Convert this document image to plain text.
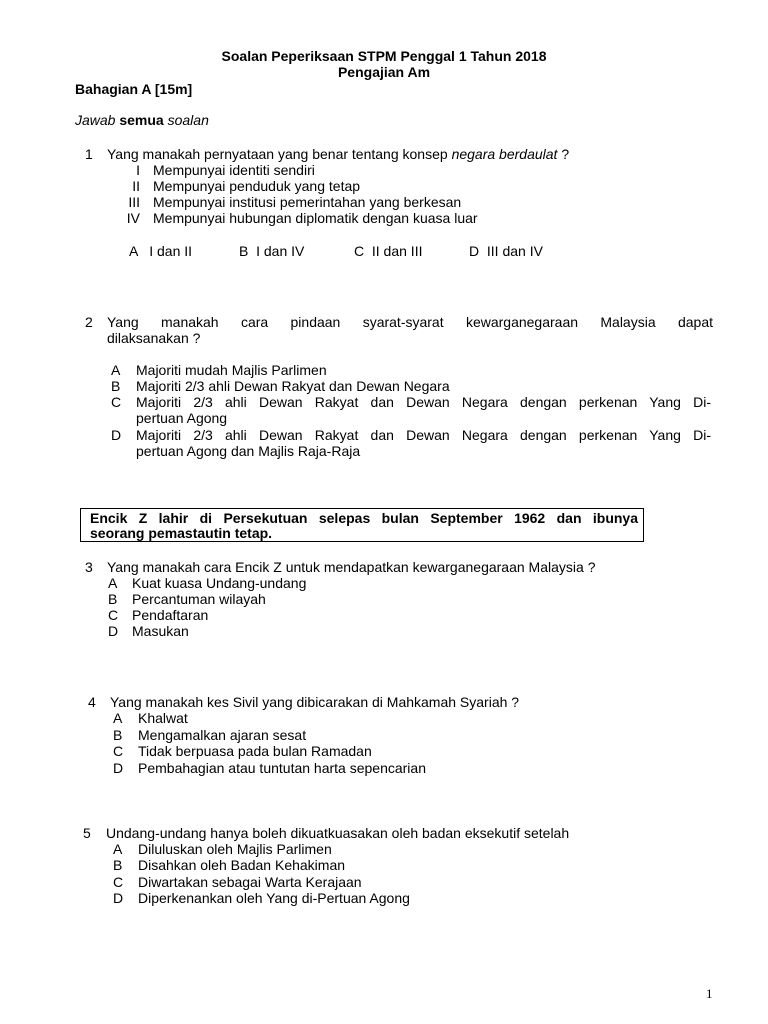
Soalan Peperiksaan STPM Penggal 1 Tahun 2018
Pengajian Am
Bahagian A [15m]
Jawab semua soalan
1 Yang manakah pernyataan yang benar tentang konsep negara berdaulat ?
I Mempunyai identiti sendiri
II Mempunyai penduduk yang tetap
III Mempunyai institusi pemerintahan yang berkesan
IV Mempunyai hubungan diplomatik dengan kuasa luar
A   I dan II	B  I dan IV	C  II dan III	D  III dan IV
2 Yang manakah cara pindaan syarat-syarat kewarganegaraan Malaysia dapat
dilaksanakan ?
A Majoriti mudah Majlis Parlimen
B Majoriti 2/3 ahli Dewan Rakyat dan Dewan Negara
C Majoriti 2/3 ahli Dewan Rakyat dan Dewan Negara dengan perkenan Yang Di-
pertuan Agong
D Majoriti 2/3 ahli Dewan Rakyat dan Dewan Negara dengan perkenan Yang Di-
pertuan Agong dan Majlis Raja-Raja
Encik Z lahir di Persekutuan selepas bulan September 1962 dan ibunya
seorang pemastautin tetap.
3 Yang manakah cara Encik Z untuk mendapatkan kewarganegaraan Malaysia ?
A Kuat kuasa Undang-undang
B Percantuman wilayah
C Pendaftaran
D Masukan
4 Yang manakah kes Sivil yang dibicarakan di Mahkamah Syariah ?
A Khalwat
B Mengamalkan ajaran sesat
C Tidak berpuasa pada bulan Ramadan
D Pembahagian atau tuntutan harta sepencarian
5 Undang-undang hanya boleh dikuatkuasakan oleh badan eksekutif setelah
A Diluluskan oleh Majlis Parlimen
B Disahkan oleh Badan Kehakiman
C Diwartakan sebagai Warta Kerajaan
D Diperkenankan oleh Yang di-Pertuan Agong
1
